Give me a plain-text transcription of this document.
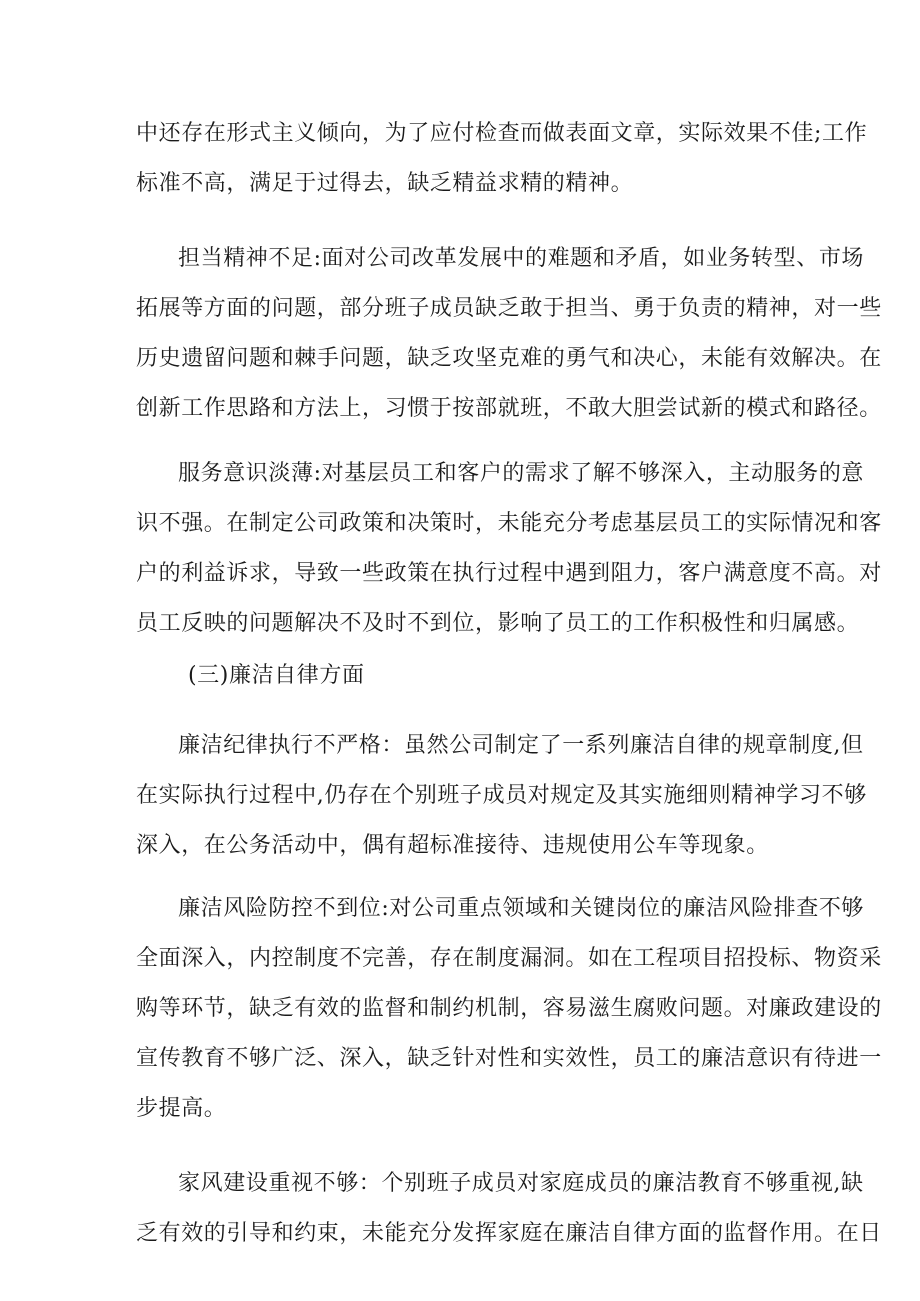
中还存在形式主义倾向，为了应付检查而做表面文章，实际效果不佳;工作
标准不高，满足于过得去，缺乏精益求精的精神。
担当精神不足:面对公司改革发展中的难题和矛盾，如业务转型、市场
拓展等方面的问题，部分班子成员缺乏敢于担当、勇于负责的精神，对一些
历史遗留问题和棘手问题，缺乏攻坚克难的勇气和决心，未能有效解决。在
创新工作思路和方法上，习惯于按部就班，不敢大胆尝试新的模式和路径。
服务意识淡薄:对基层员工和客户的需求了解不够深入，主动服务的意
识不强。在制定公司政策和决策时，未能充分考虑基层员工的实际情况和客
户的利益诉求，导致一些政策在执行过程中遇到阻力，客户满意度不高。对
员工反映的问题解决不及时不到位，影响了员工的工作积极性和归属感。
(三)廉洁自律方面
廉洁纪律执行不严格：虽然公司制定了一系列廉洁自律的规章制度,但
在实际执行过程中,仍存在个别班子成员对规定及其实施细则精神学习不够
深入，在公务活动中，偶有超标准接待、违规使用公车等现象。
廉洁风险防控不到位:对公司重点领域和关键岗位的廉洁风险排查不够
全面深入，内控制度不完善，存在制度漏洞。如在工程项目招投标、物资采
购等环节，缺乏有效的监督和制约机制，容易滋生腐败问题。对廉政建设的
宣传教育不够广泛、深入，缺乏针对性和实效性，员工的廉洁意识有待进一
步提高。
家风建设重视不够：个别班子成员对家庭成员的廉洁教育不够重视,缺
乏有效的引导和约束，未能充分发挥家庭在廉洁自律方面的监督作用。在日
